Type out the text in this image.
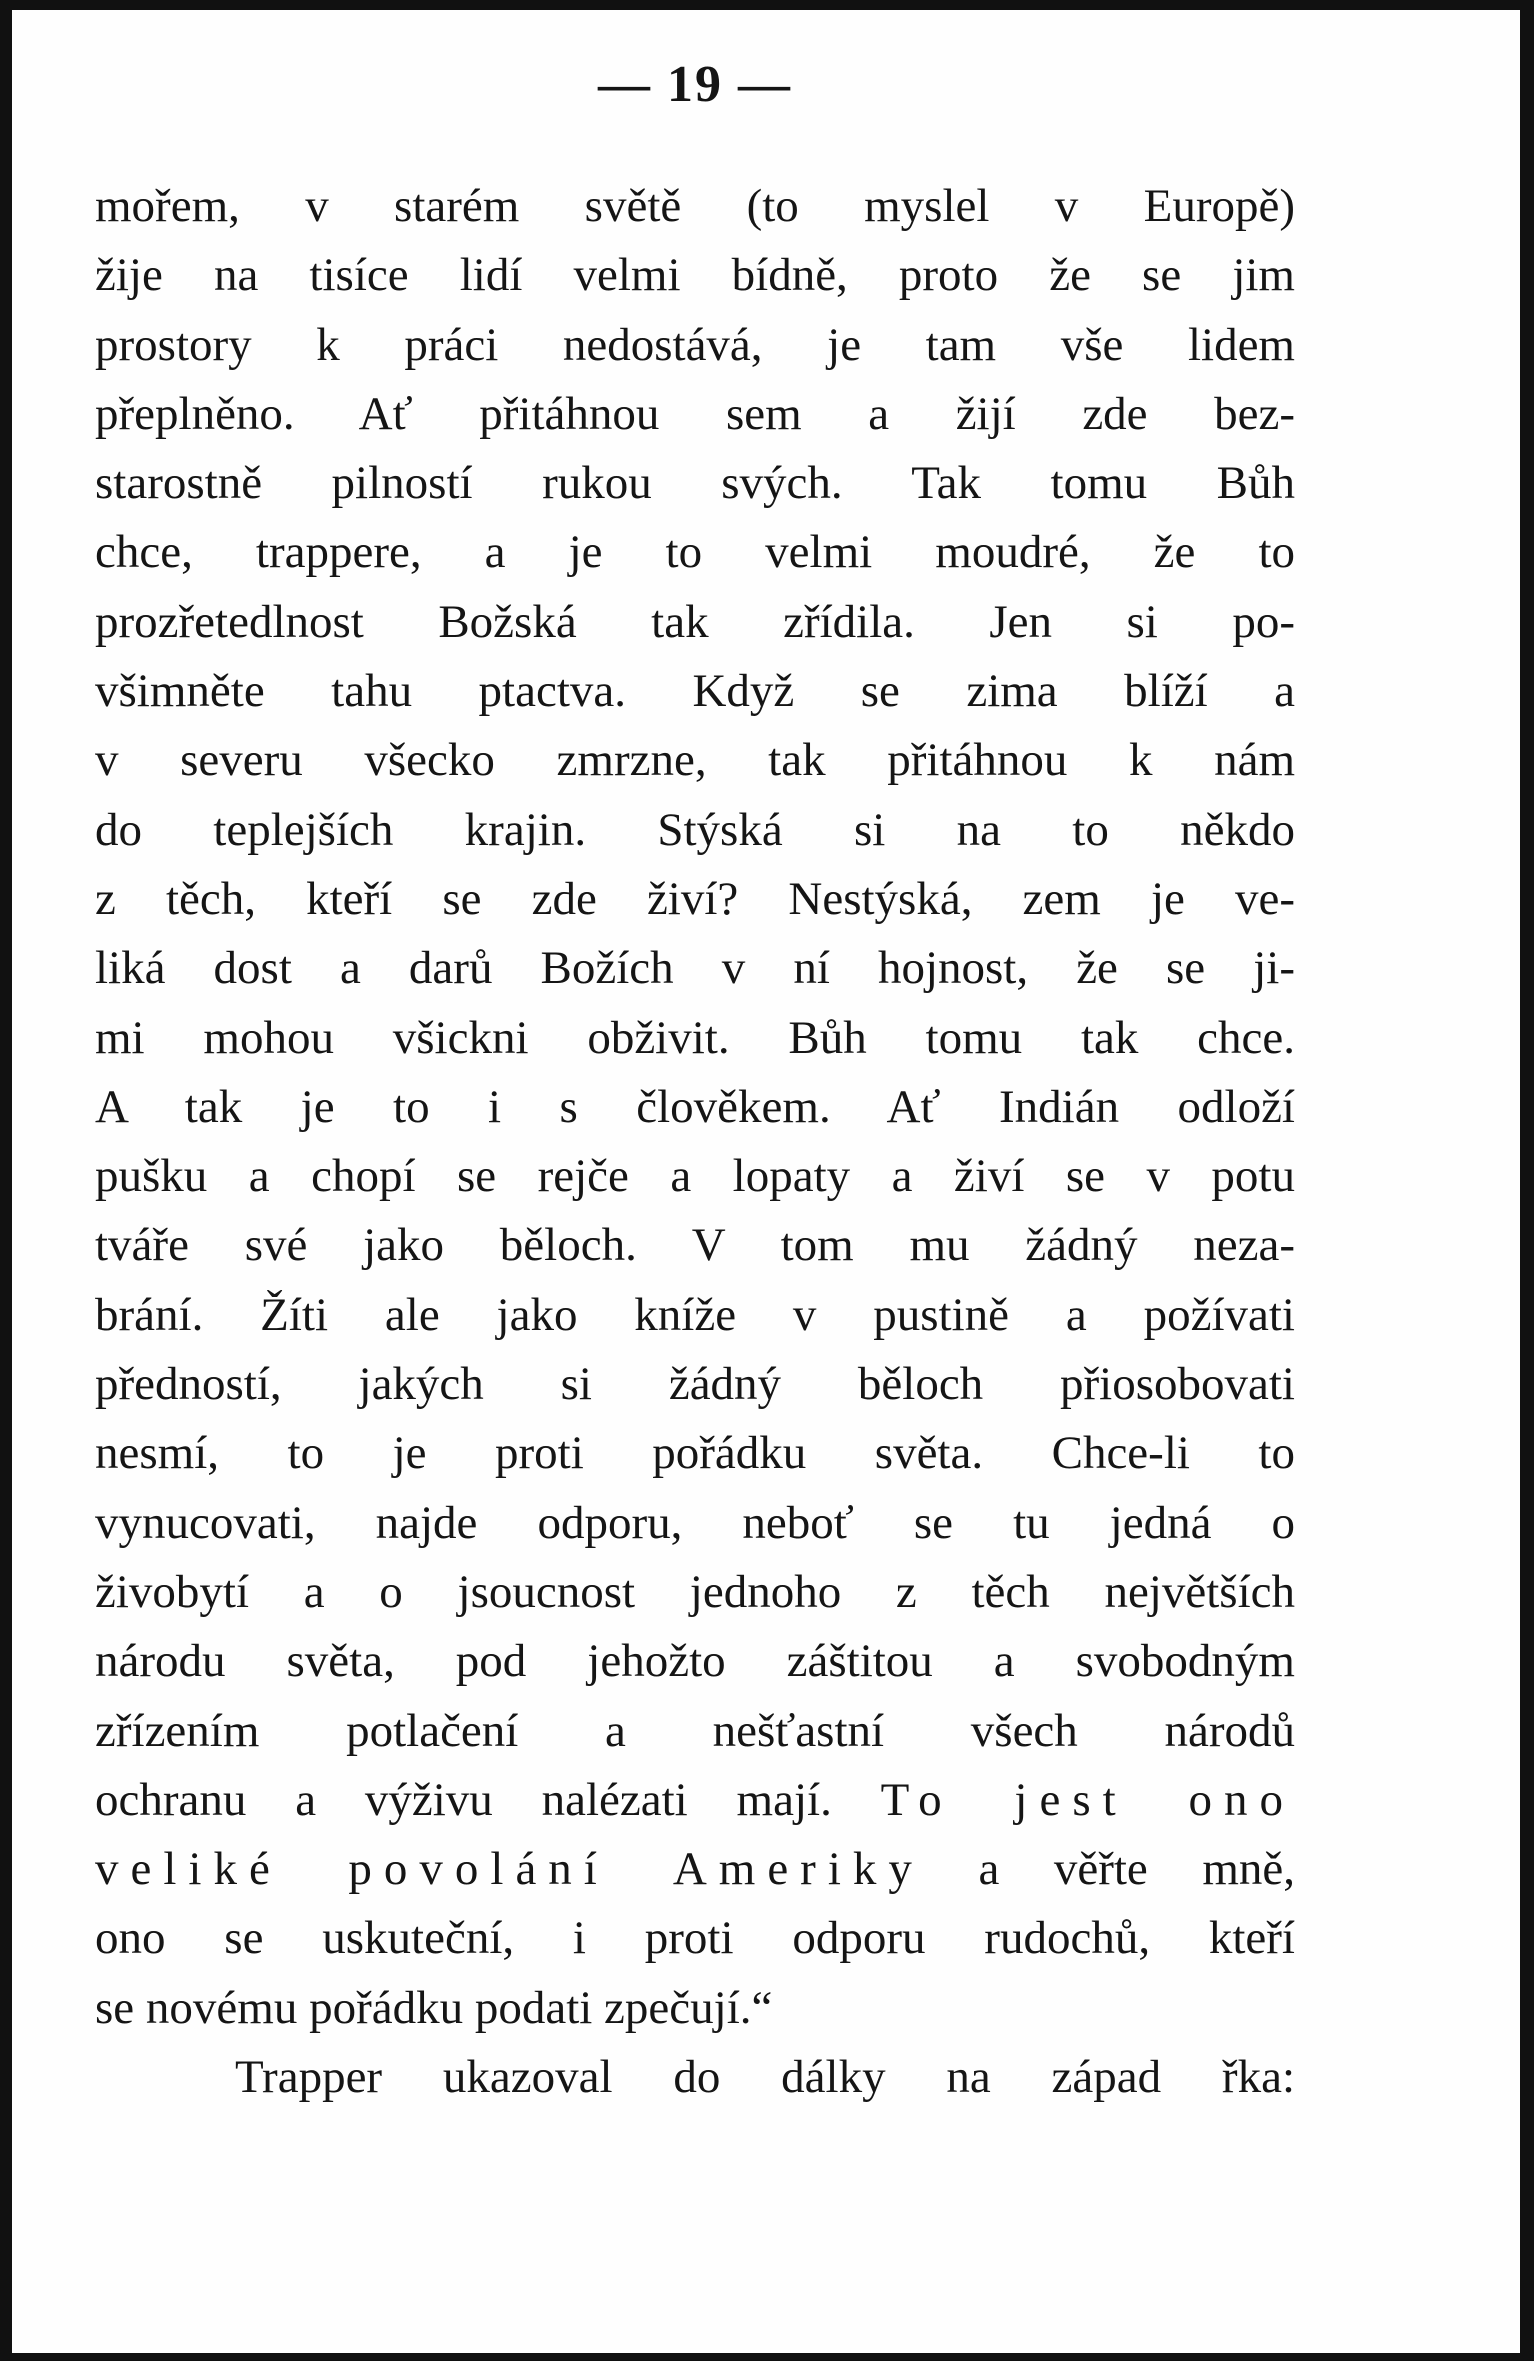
— 19 —
mořem, v starém světě (to myslel v Europě)
žije na tisíce lidí velmi bídně, proto že se jim
prostory k práci nedostává, je tam vše lidem
přeplněno. Ať přitáhnou sem a žijí zde bez-
starostně pilností rukou svých. Tak tomu Bůh
chce, trappere, a je to velmi moudré, že to
prozřetedlnost Božská tak zřídila. Jen si po-
všimněte tahu ptactva. Když se zima blíží a
v severu všecko zmrzne, tak přitáhnou k nám
do teplejších krajin. Stýská si na to někdo
z těch, kteří se zde živí? Nestýská, zem je ve-
liká dost a darů Božích v ní hojnost, že se ji-
mi mohou všickni obživit. Bůh tomu tak chce.
A tak je to i s člověkem. Ať Indián odloží
pušku a chopí se rejče a lopaty a živí se v potu
tváře své jako běloch. V tom mu žádný neza-
brání. Žíti ale jako kníže v pustině a požívati
předností, jakých si žádný běloch přiosobovati
nesmí, to je proti pořádku světa. Chce-li to
vynucovati, najde odporu, neboť se tu jedná o
živobytí a o jsoucnost jednoho z těch největších
národu světa, pod jehožto záštitou a svobodným
zřízením potlačení a nešťastní všech národů
ochranu a výživu nalézati mají. To jest ono
veliké povolání Ameriky a věřte mně,
ono se uskuteční, i proti odporu rudochů, kteří
se novému pořádku podati zpečují.“
Trapper ukazoval do dálky na západ řka:
